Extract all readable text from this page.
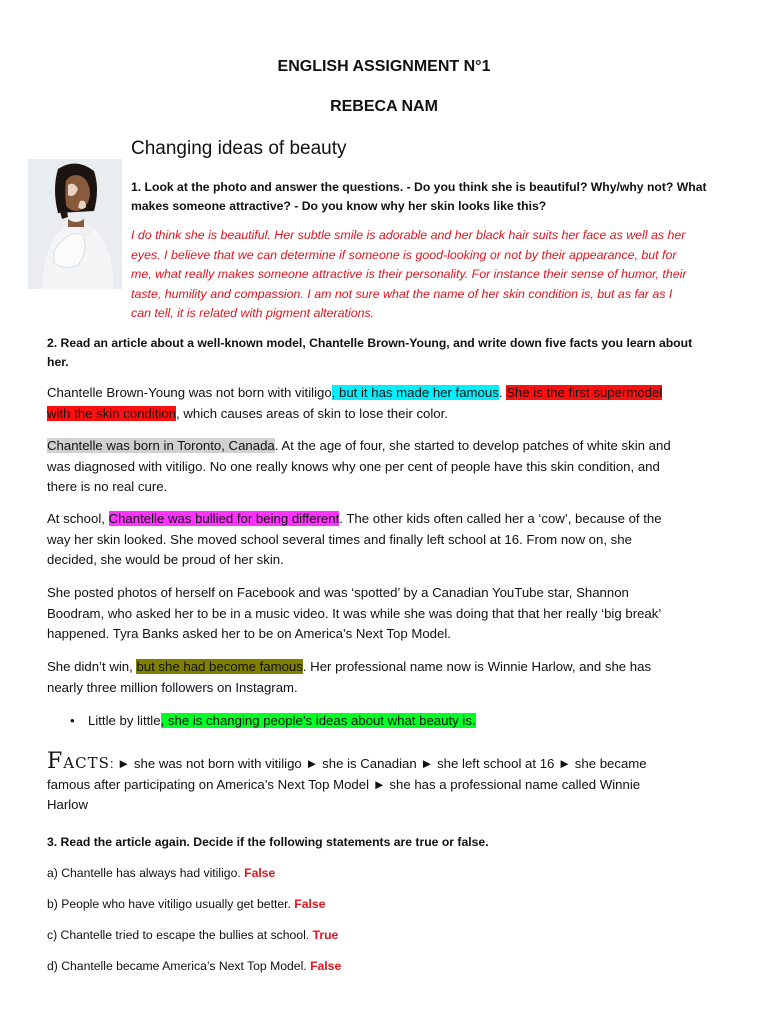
ENGLISH ASSIGNMENT N°1
REBECA NAM
Changing ideas of beauty
1. Look at the photo and answer the questions. - Do you think she is beautiful? Why/why not? What
makes someone attractive? - Do you know why her skin looks like this?
I do think she is beautiful. Her subtle smile is adorable and her black hair suits her face as well as her
eyes. I believe that we can determine if someone is good-looking or not by their appearance, but for
me, what really makes someone attractive is their personality. For instance their sense of humor, their
taste, humility and compassion. I am not sure what the name of her skin condition is, but as far as I
can tell, it is related with pigment alterations.
2. Read an article about a well-known model, Chantelle Brown-Young, and write down five facts you learn about
her.
Chantelle Brown-Young was not born with vitiligo, but it has made her famous. She is the first supermodel
with the skin condition, which causes areas of skin to lose their color.
Chantelle was born in Toronto, Canada. At the age of four, she started to develop patches of white skin and
was diagnosed with vitiligo. No one really knows why one per cent of people have this skin condition, and
there is no real cure.
At school, Chantelle was bullied for being different. The other kids often called her a ‘cow’, because of the
way her skin looked. She moved school several times and finally left school at 16. From now on, she
decided, she would be proud of her skin.
She posted photos of herself on Facebook and was ‘spotted’ by a Canadian YouTube star, Shannon
Boodram, who asked her to be in a music video. It was while she was doing that that her really ‘big break’
happened. Tyra Banks asked her to be on America’s Next Top Model.
She didn’t win, but she had become famous. Her professional name now is Winnie Harlow, and she has
nearly three million followers on Instagram.
• Little by little, she is changing people’s ideas about what beauty is.
Facts: ► she was not born with vitiligo ► she is Canadian ► she left school at 16 ► she became
famous after participating on America’s Next Top Model ► she has a professional name called Winnie
Harlow
3. Read the article again. Decide if the following statements are true or false.
a) Chantelle has always had vitiligo. False
b) People who have vitiligo usually get better. False
c) Chantelle tried to escape the bullies at school. True
d) Chantelle became America’s Next Top Model. False
